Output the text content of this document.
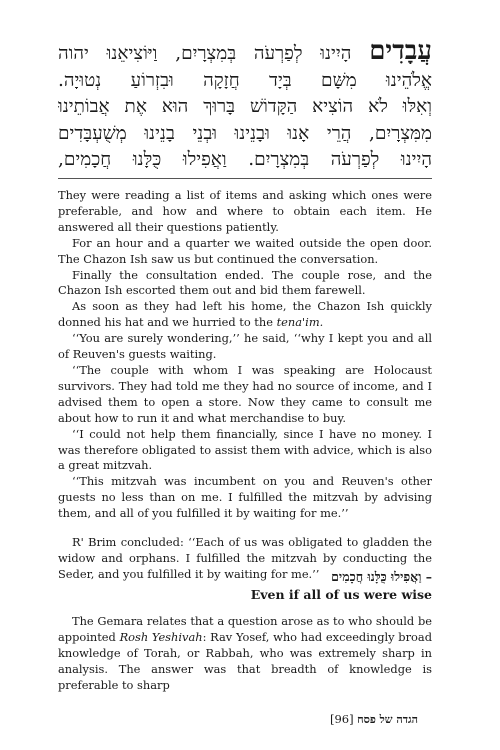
עֲבָדִים הָיִינוּ לְפַרְעֹה בְּמִצְרָיִם, וַיּוֹצִיאֵנוּ יהוה
אֱלֹהֵינוּ מִשָּׁם בְּיָד חֲזָקָה וּבִזְרוֹעַ נְטוּיָה.
וְאִלּוּ לֹא הוֹצִיא הַקָּדוֹשׁ בָּרוּךְ הוּא אֶת אֲבוֹתֵינוּ
מִמִּצְרָיִם, הֲרֵי אָנוּ וּבָנֵינוּ וּבְנֵי בָנֵינוּ מְשֻׁעְבָּדִים
הָיִינוּ לְפַרְעֹה בְּמִצְרָיִם. וַאֲפִילוּ כֻּלָּנוּ חֲכָמִים,

They were reading a list of items and asking which ones were preferable, and how and where to obtain each item. He answered all their questions patiently.

For an hour and a quarter we waited outside the open door. The Chazon Ish saw us but continued the conversation.

Finally the consultation ended. The couple rose, and the Chazon Ish escorted them out and bid them farewell.

As soon as they had left his home, the Chazon Ish quickly donned his hat and we hurried to the tena'im.

‘‘You are surely wondering,’’ he said, ‘‘why I kept you and all of Reuven's guests waiting.

‘‘The couple with whom I was speaking are Holocaust survivors. They had told me they had no source of income, and I advised them to open a store. Now they came to consult me about how to run it and what merchandise to buy.

‘‘I could not help them financially, since I have no money. I was therefore obligated to assist them with advice, which is also a great mitzvah.

‘‘This mitzvah was incumbent on you and Reuven's other guests no less than on me. I fulfilled the mitzvah by advising them, and all of you fulfilled it by waiting for me.’’

R' Brim concluded: ‘‘Each of us was obligated to gladden the widow and orphans. I fulfilled the mitzvah by conducting the Seder, and you fulfilled it by waiting for me.’’ – וַאֲפִילוּ כֻּלָּנוּ חֲכָמִים
Even if all of us were wise

The Gemara relates that a question arose as to who should be appointed Rosh Yeshivah: Rav Yosef, who had exceedingly broad knowledge of Torah, or Rabbah, who was extremely sharp in analysis. The answer was that breadth of knowledge is preferable to sharp

הגדה של פסח [96]
